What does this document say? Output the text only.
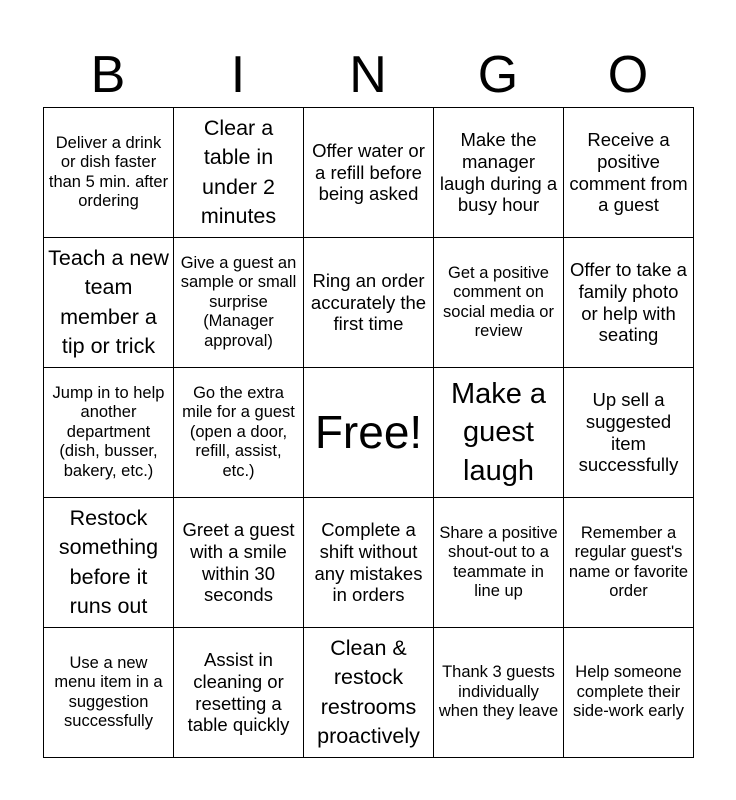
B	I	N	G	O
Deliver a drink or dish faster than 5 min. after ordering	Clear a table in under 2 minutes	Offer water or a refill before being asked	Make the manager laugh during a busy hour	Receive a positive comment from a guest
Teach a new team member a tip or trick	Give a guest an sample or small surprise (Manager approval)	Ring an order accurately the first time	Get a positive comment on social media or review	Offer to take a family photo or help with seating
Jump in to help another department (dish, busser, bakery, etc.)	Go the extra mile for a guest (open a door, refill, assist, etc.)	Free!	Make a guest laugh	Up sell a suggested item successfully
Restock something before it runs out	Greet a guest with a smile within 30 seconds	Complete a shift without any mistakes in orders	Share a positive shout-out to a teammate in line up	Remember a regular guest's name or favorite order
Use a new menu item in a suggestion successfully	Assist in cleaning or resetting a table quickly	Clean & restock restrooms proactively	Thank 3 guests individually when they leave	Help someone complete their side-work early
